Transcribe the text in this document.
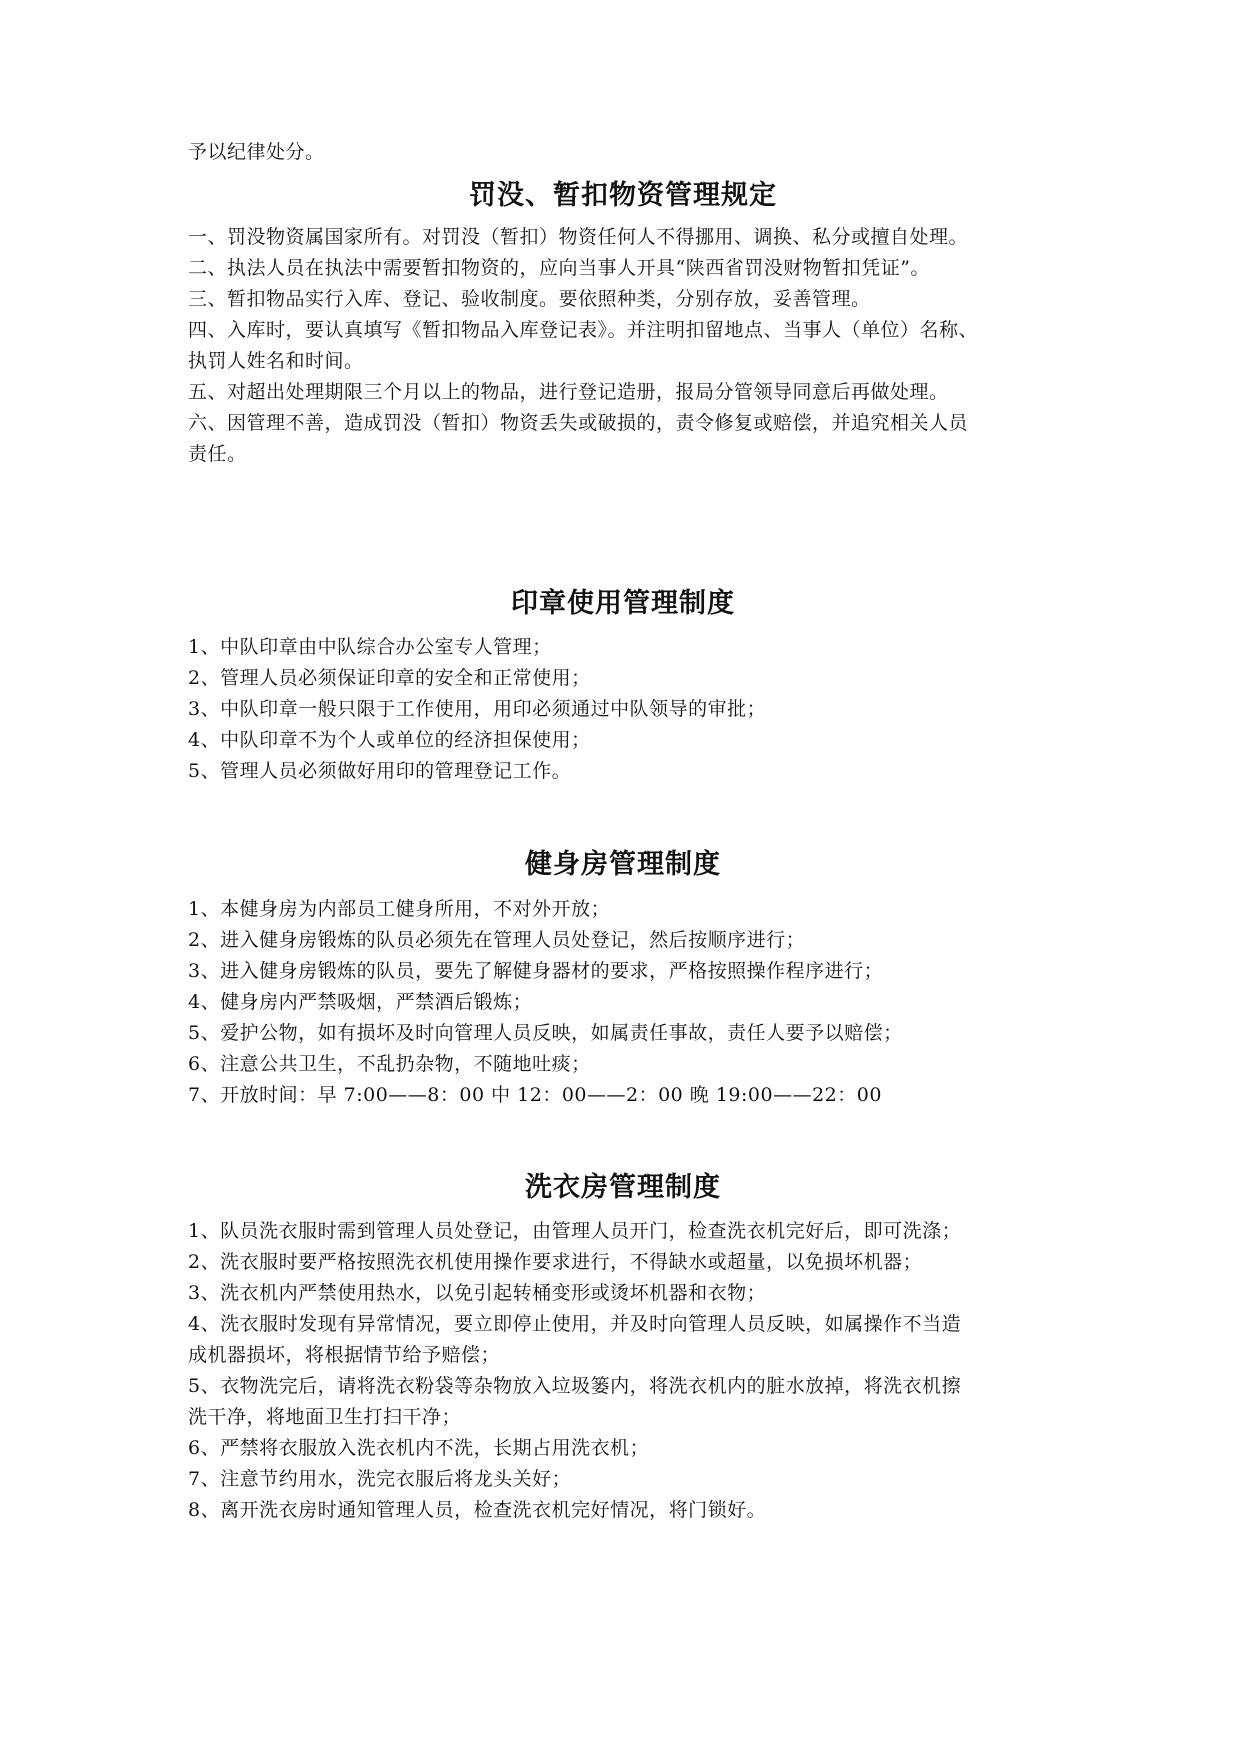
予以纪律处分。
罚没、暂扣物资管理规定
一、罚没物资属国家所有。对罚没（暂扣）物资任何人不得挪用、调换、私分或擅自处理。
二、执法人员在执法中需要暂扣物资的，应向当事人开具“陕西省罚没财物暂扣凭证”。
三、暂扣物品实行入库、登记、验收制度。要依照种类，分别存放，妥善管理。
四、入库时，要认真填写《暂扣物品入库登记表》。并注明扣留地点、当事人（单位）名称、
执罚人姓名和时间。
五、对超出处理期限三个月以上的物品，进行登记造册，报局分管领导同意后再做处理。
六、因管理不善，造成罚没（暂扣）物资丢失或破损的，责令修复或赔偿，并追究相关人员
责任。
印章使用管理制度
1、中队印章由中队综合办公室专人管理；
2、管理人员必须保证印章的安全和正常使用；
3、中队印章一般只限于工作使用，用印必须通过中队领导的审批；
4、中队印章不为个人或单位的经济担保使用；
5、管理人员必须做好用印的管理登记工作。
健身房管理制度
1、本健身房为内部员工健身所用，不对外开放；
2、进入健身房锻炼的队员必须先在管理人员处登记，然后按顺序进行；
3、进入健身房锻炼的队员，要先了解健身器材的要求，严格按照操作程序进行；
4、健身房内严禁吸烟，严禁酒后锻炼；
5、爱护公物，如有损坏及时向管理人员反映，如属责任事故，责任人要予以赔偿；
6、注意公共卫生，不乱扔杂物，不随地吐痰；
7、开放时间：早 7:00——8：00 中 12：00——2：00 晚 19:00——22：00
洗衣房管理制度
1、队员洗衣服时需到管理人员处登记，由管理人员开门，检查洗衣机完好后，即可洗涤；
2、洗衣服时要严格按照洗衣机使用操作要求进行，不得缺水或超量，以免损坏机器；
3、洗衣机内严禁使用热水，以免引起转桶变形或烫坏机器和衣物；
4、洗衣服时发现有异常情况，要立即停止使用，并及时向管理人员反映，如属操作不当造
成机器损坏，将根据情节给予赔偿；
5、衣物洗完后，请将洗衣粉袋等杂物放入垃圾篓内，将洗衣机内的脏水放掉，将洗衣机擦
洗干净，将地面卫生打扫干净；
6、严禁将衣服放入洗衣机内不洗，长期占用洗衣机；
7、注意节约用水，洗完衣服后将龙头关好；
8、离开洗衣房时通知管理人员，检查洗衣机完好情况，将门锁好。
